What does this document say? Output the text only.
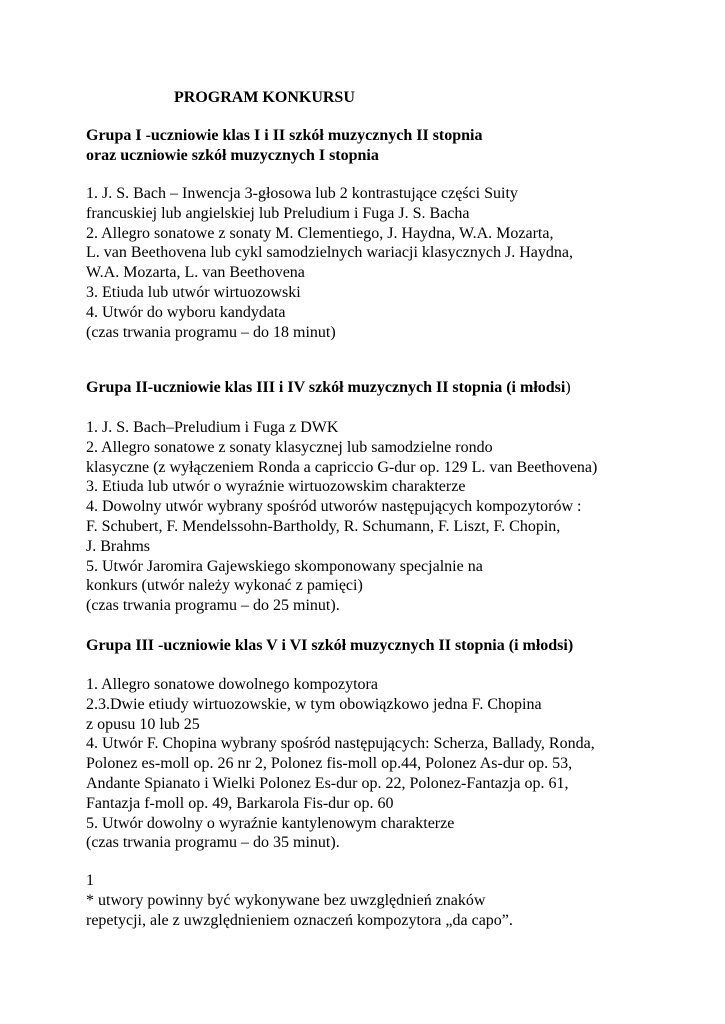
PROGRAM KONKURSU
Grupa I -uczniowie klas I i II szkół muzycznych II stopnia
oraz uczniowie szkół muzycznych I stopnia
1. J. S. Bach – Inwencja 3-głosowa lub 2 kontrastujące części Suity
francuskiej lub angielskiej lub Preludium i Fuga J. S. Bacha
2. Allegro sonatowe z sonaty M. Clementiego, J. Haydna, W.A. Mozarta,
L. van Beethovena lub cykl samodzielnych wariacji klasycznych J. Haydna,
W.A. Mozarta, L. van Beethovena
3. Etiuda lub utwór wirtuozowski
4. Utwór do wyboru kandydata
(czas trwania programu – do 18 minut)
Grupa II-uczniowie klas III i IV szkół muzycznych II stopnia (i młodsi)
1. J. S. Bach–Preludium i Fuga z DWK
2. Allegro sonatowe z sonaty klasycznej lub samodzielne rondo
klasyczne (z wyłączeniem Ronda a capriccio G-dur op. 129 L. van Beethovena)
3. Etiuda lub utwór o wyraźnie wirtuozowskim charakterze
4. Dowolny utwór wybrany spośród utworów następujących kompozytorów :
F. Schubert, F. Mendelssohn-Bartholdy, R. Schumann, F. Liszt, F. Chopin,
J. Brahms
5. Utwór Jaromira Gajewskiego skomponowany specjalnie na
konkurs (utwór należy wykonać z pamięci)
(czas trwania programu – do 25 minut).
Grupa III -uczniowie klas V i VI szkół muzycznych II stopnia (i młodsi)
1. Allegro sonatowe dowolnego kompozytora
2.3.Dwie etiudy wirtuozowskie, w tym obowiązkowo jedna F. Chopina
z opusu 10 lub 25
4. Utwór F. Chopina wybrany spośród następujących: Scherza, Ballady, Ronda,
Polonez es-moll op. 26 nr 2, Polonez fis-moll op.44, Polonez As-dur op. 53,
Andante Spianato i Wielki Polonez Es-dur op. 22, Polonez-Fantazja op. 61,
Fantazja f-moll op. 49, Barkarola Fis-dur op. 60
5. Utwór dowolny o wyraźnie kantylenowym charakterze
(czas trwania programu – do 35 minut).
1
* utwory powinny być wykonywane bez uwzględnień znaków
repetycji, ale z uwzględnieniem oznaczeń kompozytora „da capo”.
